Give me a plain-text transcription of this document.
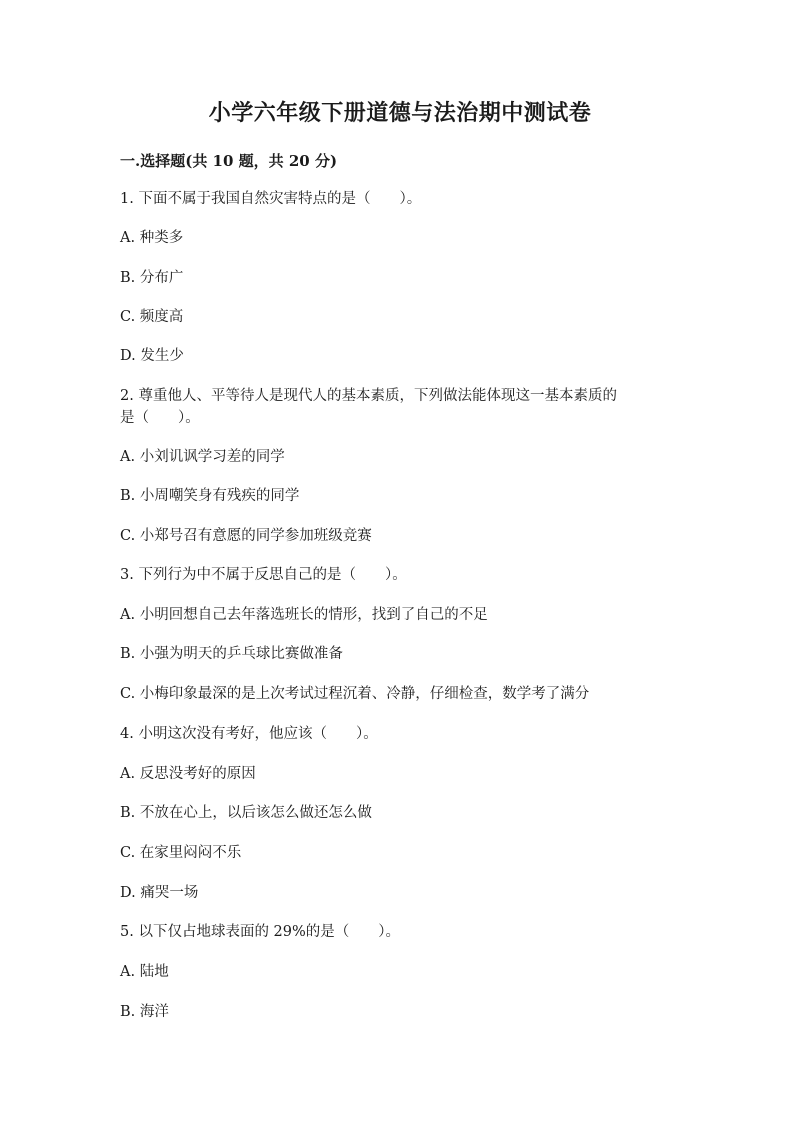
小学六年级下册道德与法治期中测试卷
一.选择题(共 10 题，共 20 分)
1. 下面不属于我国自然灾害特点的是（　　）。
A. 种类多
B. 分布广
C. 频度高
D. 发生少
2. 尊重他人、平等待人是现代人的基本素质，下列做法能体现这一基本素质的
是（　　）。
A. 小刘讥讽学习差的同学
B. 小周嘲笑身有残疾的同学
C. 小郑号召有意愿的同学参加班级竞赛
3. 下列行为中不属于反思自己的是（　　）。
A. 小明回想自己去年落选班长的情形，找到了自己的不足
B. 小强为明天的乒乓球比赛做准备
C. 小梅印象最深的是上次考试过程沉着、冷静，仔细检查，数学考了满分
4. 小明这次没有考好，他应该（　　）。
A. 反思没考好的原因
B. 不放在心上，以后该怎么做还怎么做
C. 在家里闷闷不乐
D. 痛哭一场
5. 以下仅占地球表面的 29%的是（　　）。
A. 陆地
B. 海洋
